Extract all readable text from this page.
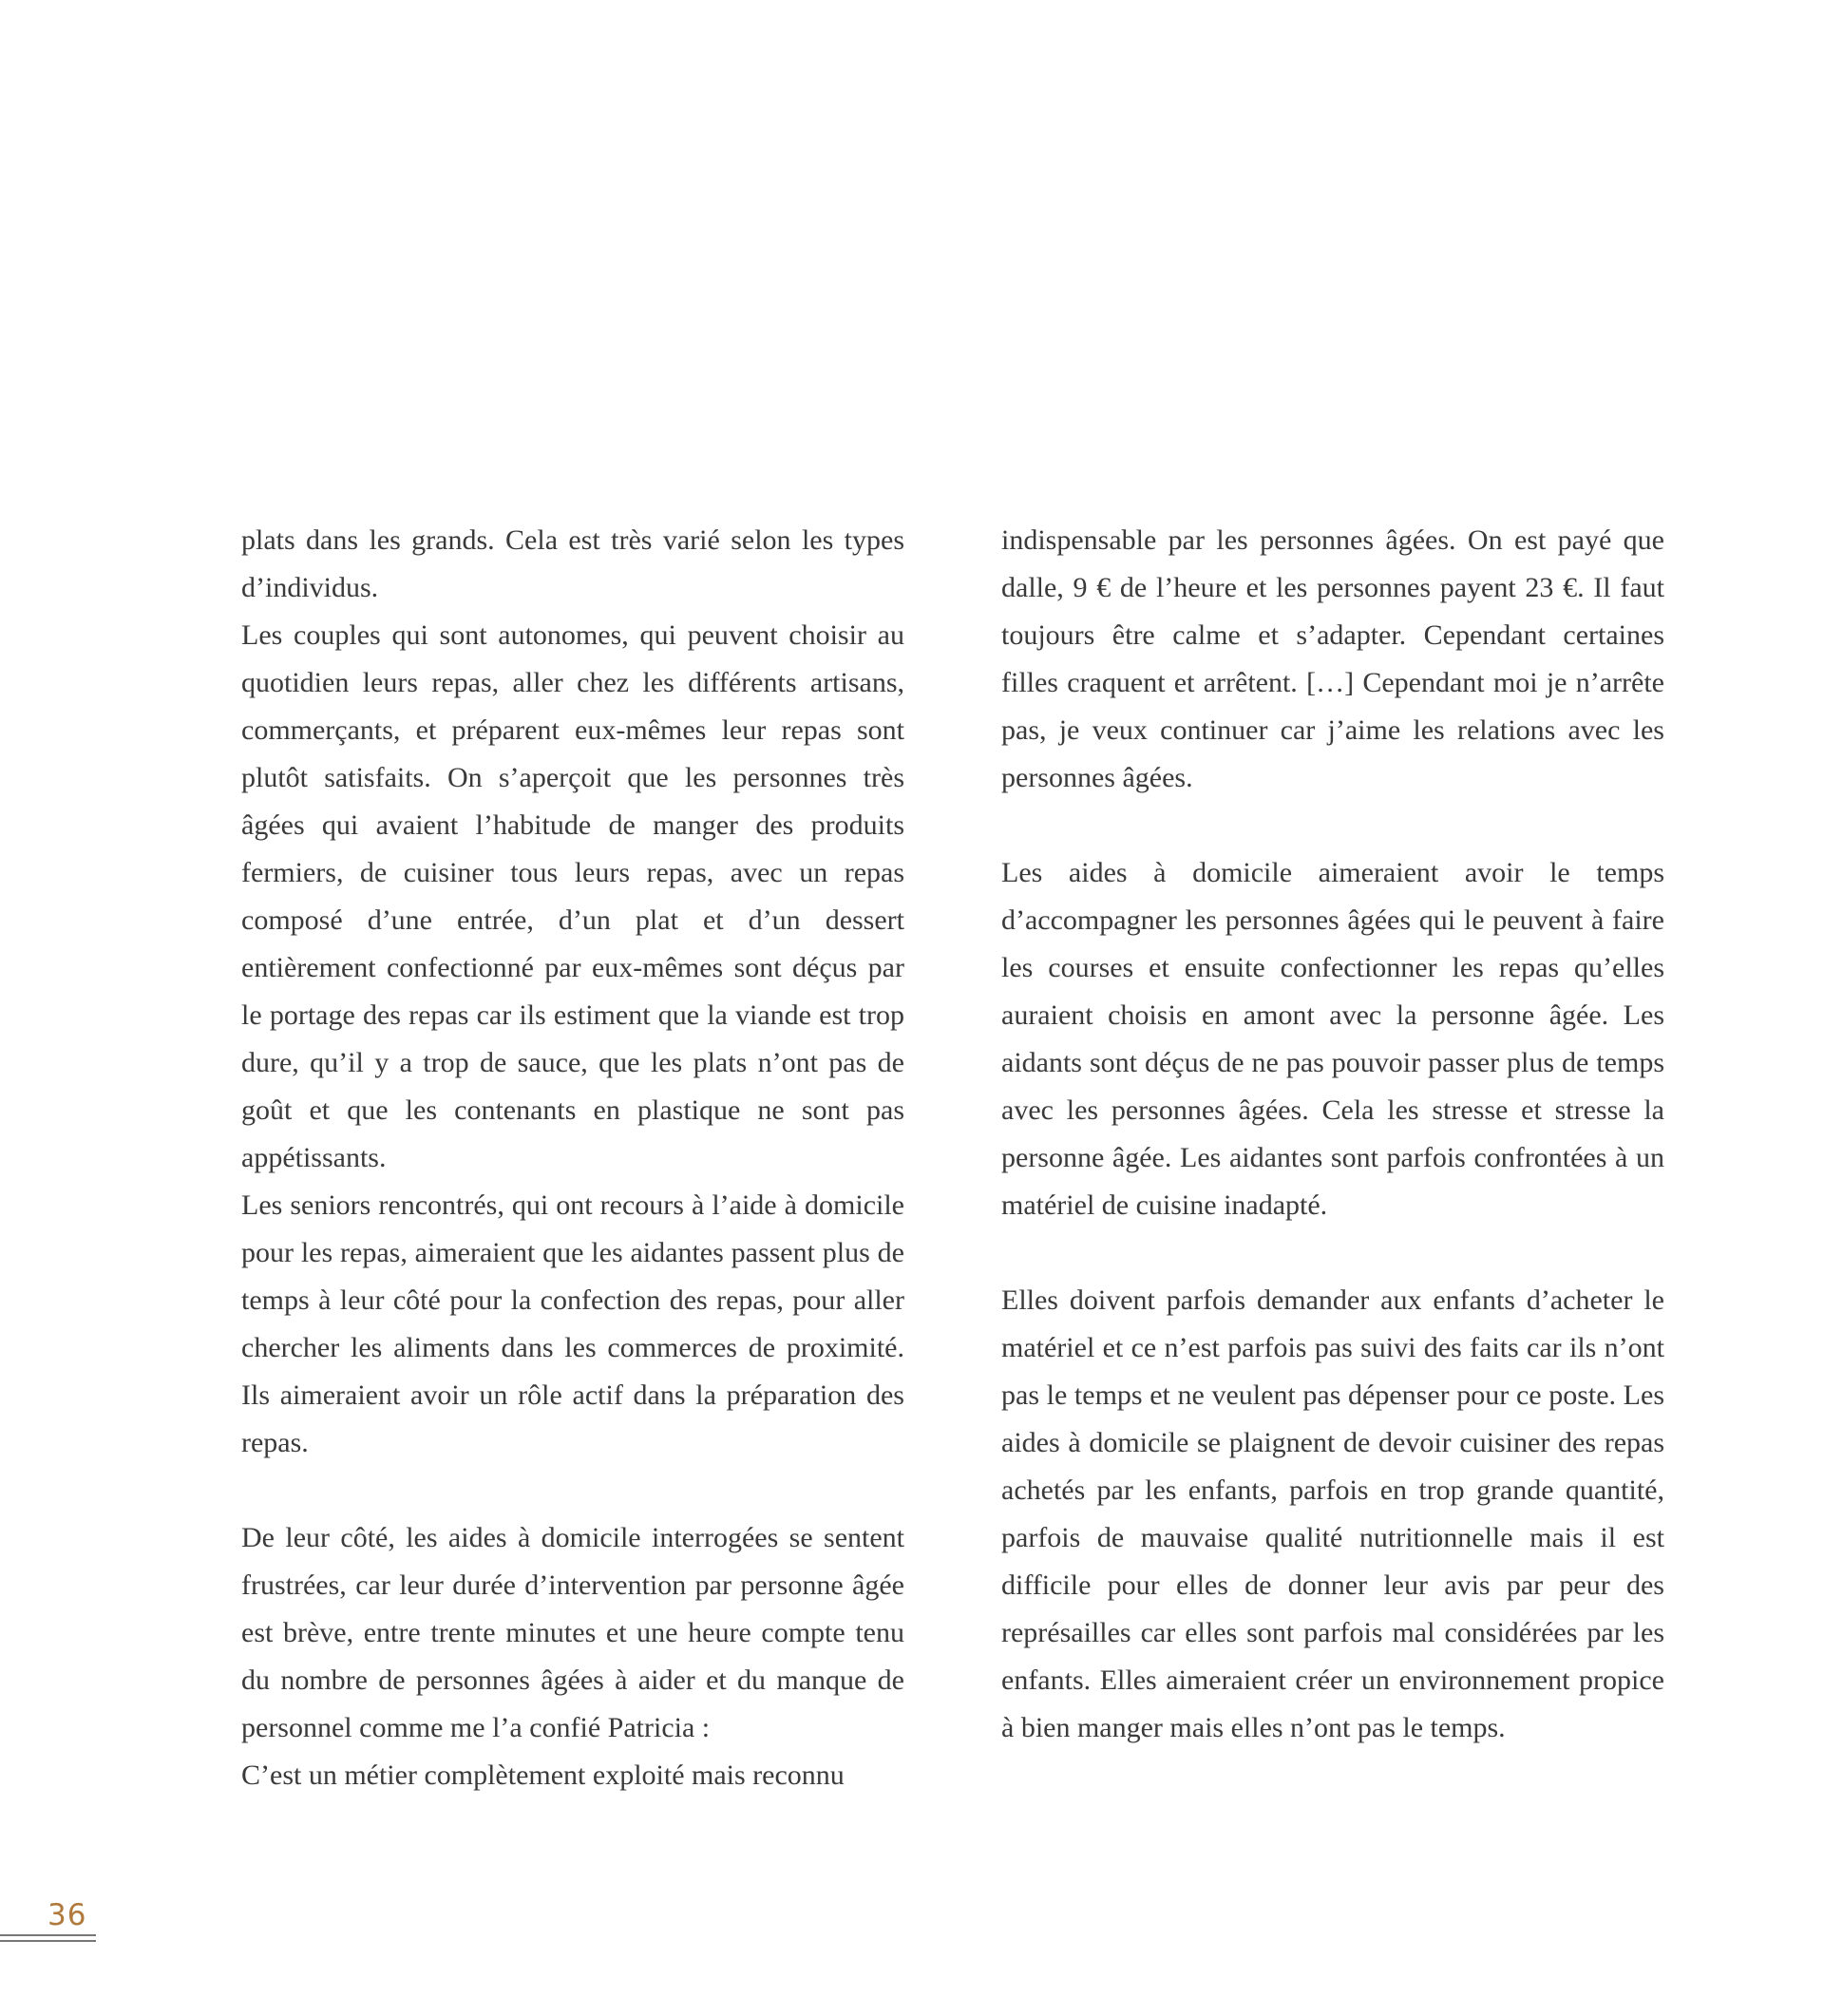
plats dans les grands. Cela est très varié selon les types d’individus.

Les couples qui sont autonomes, qui peuvent choisir au quotidien leurs repas, aller chez les différents artisans, commerçants, et préparent eux-mêmes leur repas sont plutôt satisfaits. On s’aperçoit que les personnes très âgées qui avaient l’habitude de manger des produits fermiers, de cuisiner tous leurs repas, avec un repas composé d’une entrée, d’un plat et d’un dessert entièrement confectionné par eux-mêmes sont déçus par le portage des repas car ils estiment que la viande est trop dure, qu’il y a trop de sauce, que les plats n’ont pas de goût et que les contenants en plastique ne sont pas appétissants.

Les seniors rencontrés, qui ont recours à l’aide à domicile pour les repas, aimeraient que les aidantes passent plus de temps à leur côté pour la confection des repas, pour aller chercher les aliments dans les commerces de proximité. Ils aimeraient avoir un rôle actif dans la préparation des repas.

De leur côté, les aides à domicile interrogées se sentent frustrées, car leur durée d’intervention par personne âgée est brève, entre trente minutes et une heure compte tenu du nombre de personnes âgées à aider et du manque de personnel comme me l’a confié Patricia :

C’est un métier complètement exploité mais reconnu

indispensable par les personnes âgées. On est payé que dalle, 9 € de l’heure et les personnes payent 23 €. Il faut toujours être calme et s’adapter. Cependant certaines filles craquent et arrêtent. […] Cependant moi je n’arrête pas, je veux continuer car j’aime les relations avec les personnes âgées.

Les aides à domicile aimeraient avoir le temps d’accompagner les personnes âgées qui le peuvent à faire les courses et ensuite confectionner les repas qu’elles auraient choisis en amont avec la personne âgée. Les aidants sont déçus de ne pas pouvoir passer plus de temps avec les personnes âgées. Cela les stresse et stresse la personne âgée. Les aidantes sont parfois confrontées à un matériel de cuisine inadapté.

Elles doivent parfois demander aux enfants d’acheter le matériel et ce n’est parfois pas suivi des faits car ils n’ont pas le temps et ne veulent pas dépenser pour ce poste. Les aides à domicile se plaignent de devoir cuisiner des repas achetés par les enfants, parfois en trop grande quantité, parfois de mauvaise qualité nutritionnelle mais il est difficile pour elles de donner leur avis par peur des représailles car elles sont parfois mal considérées par les enfants. Elles aimeraient créer un environnement propice à bien manger mais elles n’ont pas le temps.

36
